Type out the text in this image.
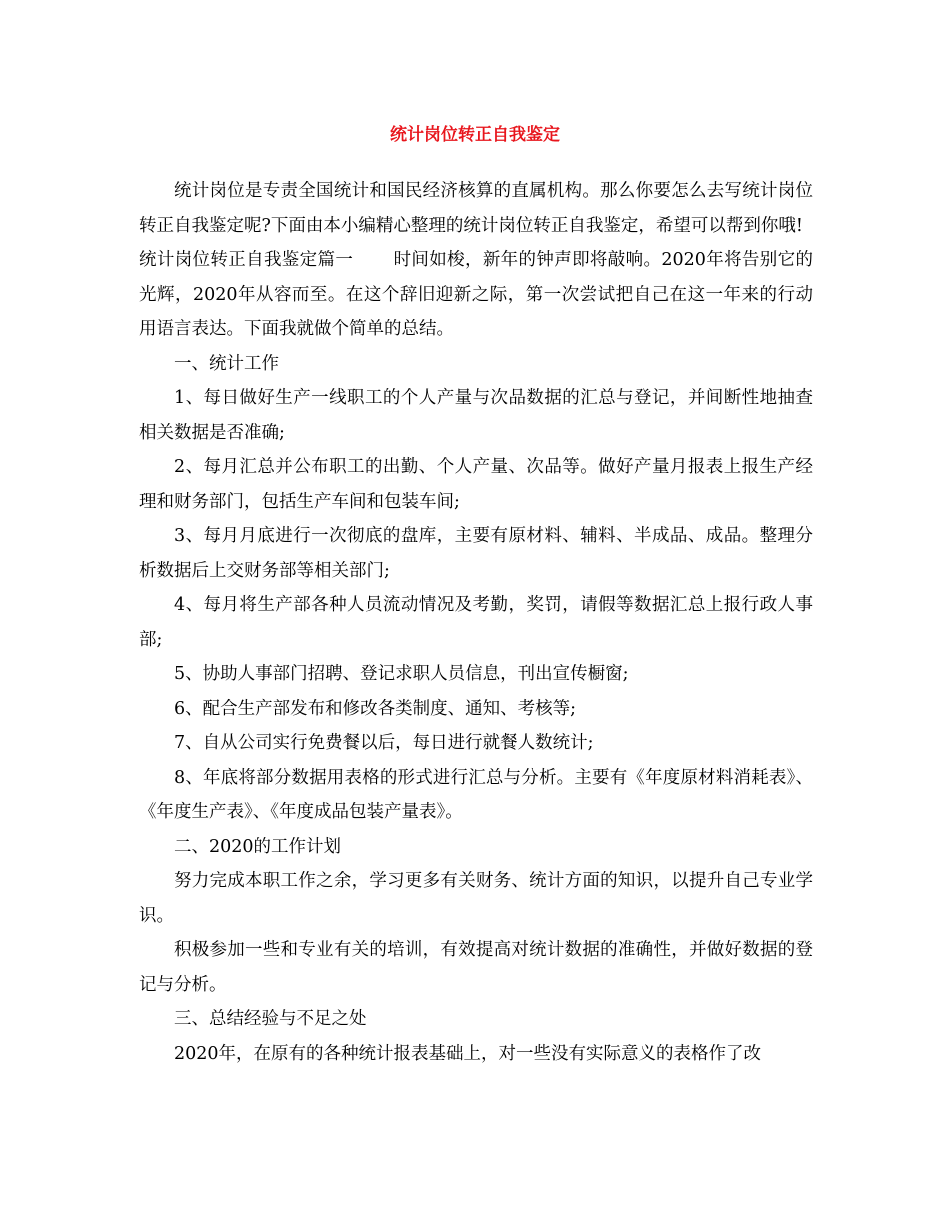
统计岗位转正自我鉴定

统计岗位是专责全国统计和国民经济核算的直属机构。那么你要怎么去写统计岗位转正自我鉴定呢?下面由本小编精心整理的统计岗位转正自我鉴定，希望可以帮到你哦!

统计岗位转正自我鉴定篇一 时间如梭，新年的钟声即将敲响。2020年将告别它的光辉，2020年从容而至。在这个辞旧迎新之际，第一次尝试把自己在这一年来的行动用语言表达。下面我就做个简单的总结。

一、统计工作

1、每日做好生产一线职工的个人产量与次品数据的汇总与登记，并间断性地抽查相关数据是否准确;

2、每月汇总并公布职工的出勤、个人产量、次品等。做好产量月报表上报生产经理和财务部门，包括生产车间和包装车间;

3、每月月底进行一次彻底的盘库，主要有原材料、辅料、半成品、成品。整理分析数据后上交财务部等相关部门;

4、每月将生产部各种人员流动情况及考勤，奖罚，请假等数据汇总上报行政人事部;

5、协助人事部门招聘、登记求职人员信息，刊出宣传橱窗;

6、配合生产部发布和修改各类制度、通知、考核等;

7、自从公司实行免费餐以后，每日进行就餐人数统计;

8、年底将部分数据用表格的形式进行汇总与分析。主要有《年度原材料消耗表》、《年度生产表》、《年度成品包装产量表》。

二、2020的工作计划

努力完成本职工作之余，学习更多有关财务、统计方面的知识，以提升自己专业学识。

积极参加一些和专业有关的培训，有效提高对统计数据的准确性，并做好数据的登记与分析。

三、总结经验与不足之处

2020年，在原有的各种统计报表基础上，对一些没有实际意义的表格作了改
